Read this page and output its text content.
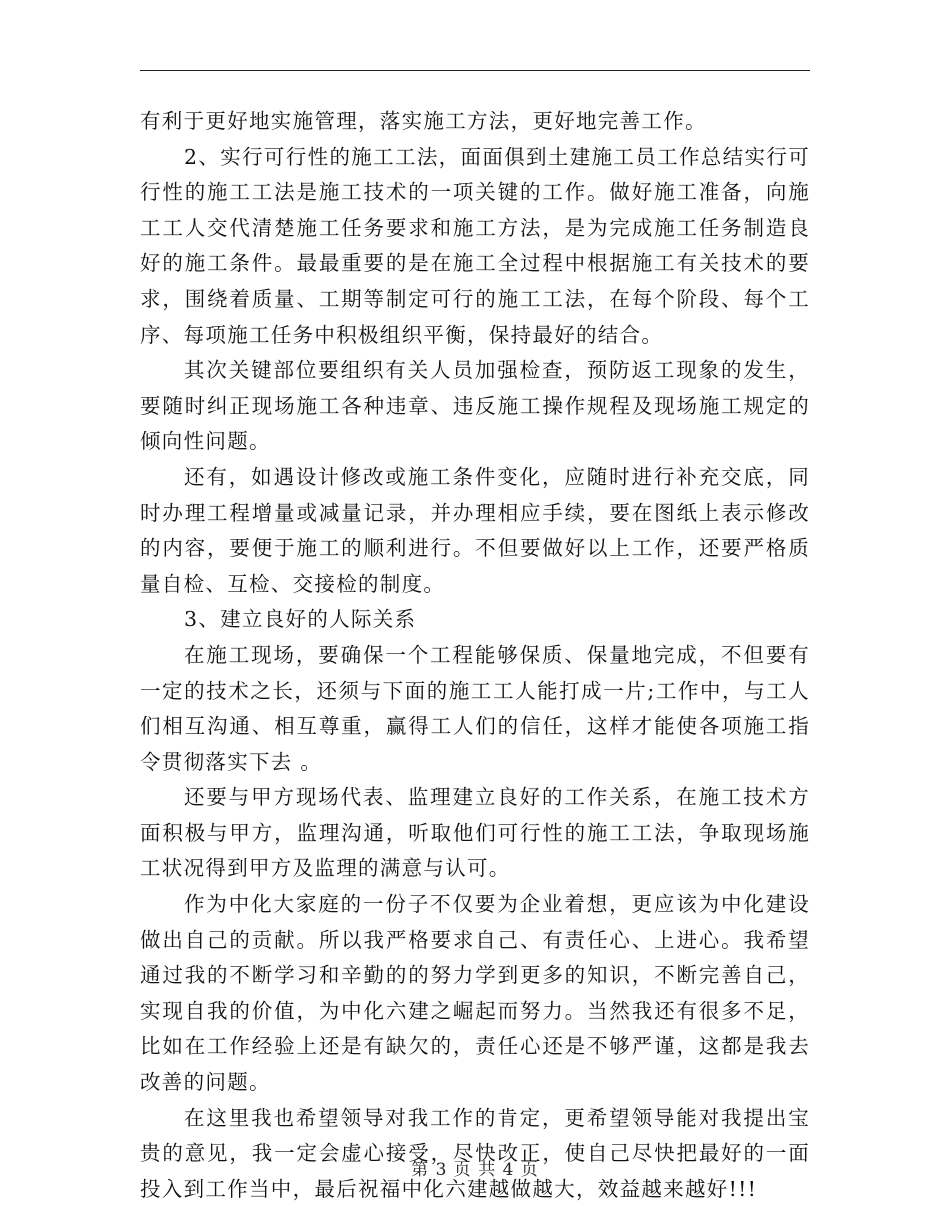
有利于更好地实施管理，落实施工方法，更好地完善工作。

2、实行可行性的施工工法，面面俱到土建施工员工作总结实行可行性的施工工法是施工技术的一项关键的工作。做好施工准备，向施工工人交代清楚施工任务要求和施工方法，是为完成施工任务制造良好的施工条件。最最重要的是在施工全过程中根据施工有关技术的要求，围绕着质量、工期等制定可行的施工工法，在每个阶段、每个工序、每项施工任务中积极组织平衡，保持最好的结合。

其次关键部位要组织有关人员加强检查，预防返工现象的发生，要随时纠正现场施工各种违章、违反施工操作规程及现场施工规定的倾向性问题。

还有，如遇设计修改或施工条件变化，应随时进行补充交底，同时办理工程增量或减量记录，并办理相应手续，要在图纸上表示修改的内容，要便于施工的顺利进行。不但要做好以上工作，还要严格质量自检、互检、交接检的制度。

3、建立良好的人际关系

在施工现场，要确保一个工程能够保质、保量地完成，不但要有一定的技术之长，还须与下面的施工工人能打成一片;工作中，与工人们相互沟通、相互尊重，赢得工人们的信任，这样才能使各项施工指令贯彻落实下去 。

还要与甲方现场代表、监理建立良好的工作关系，在施工技术方面积极与甲方，监理沟通，听取他们可行性的施工工法，争取现场施工状况得到甲方及监理的满意与认可。

作为中化大家庭的一份子不仅要为企业着想，更应该为中化建设做出自己的贡献。所以我严格要求自己、有责任心、上进心。我希望通过我的不断学习和辛勤的的努力学到更多的知识，不断完善自己，实现自我的价值，为中化六建之崛起而努力。当然我还有很多不足，比如在工作经验上还是有缺欠的，责任心还是不够严谨，这都是我去改善的问题。

在这里我也希望领导对我工作的肯定，更希望领导能对我提出宝贵的意见，我一定会虚心接受，尽快改正，使自己尽快把最好的一面投入到工作当中，最后祝福中化六建越做越大，效益越来越好!!!

第 3 页 共 4 页
